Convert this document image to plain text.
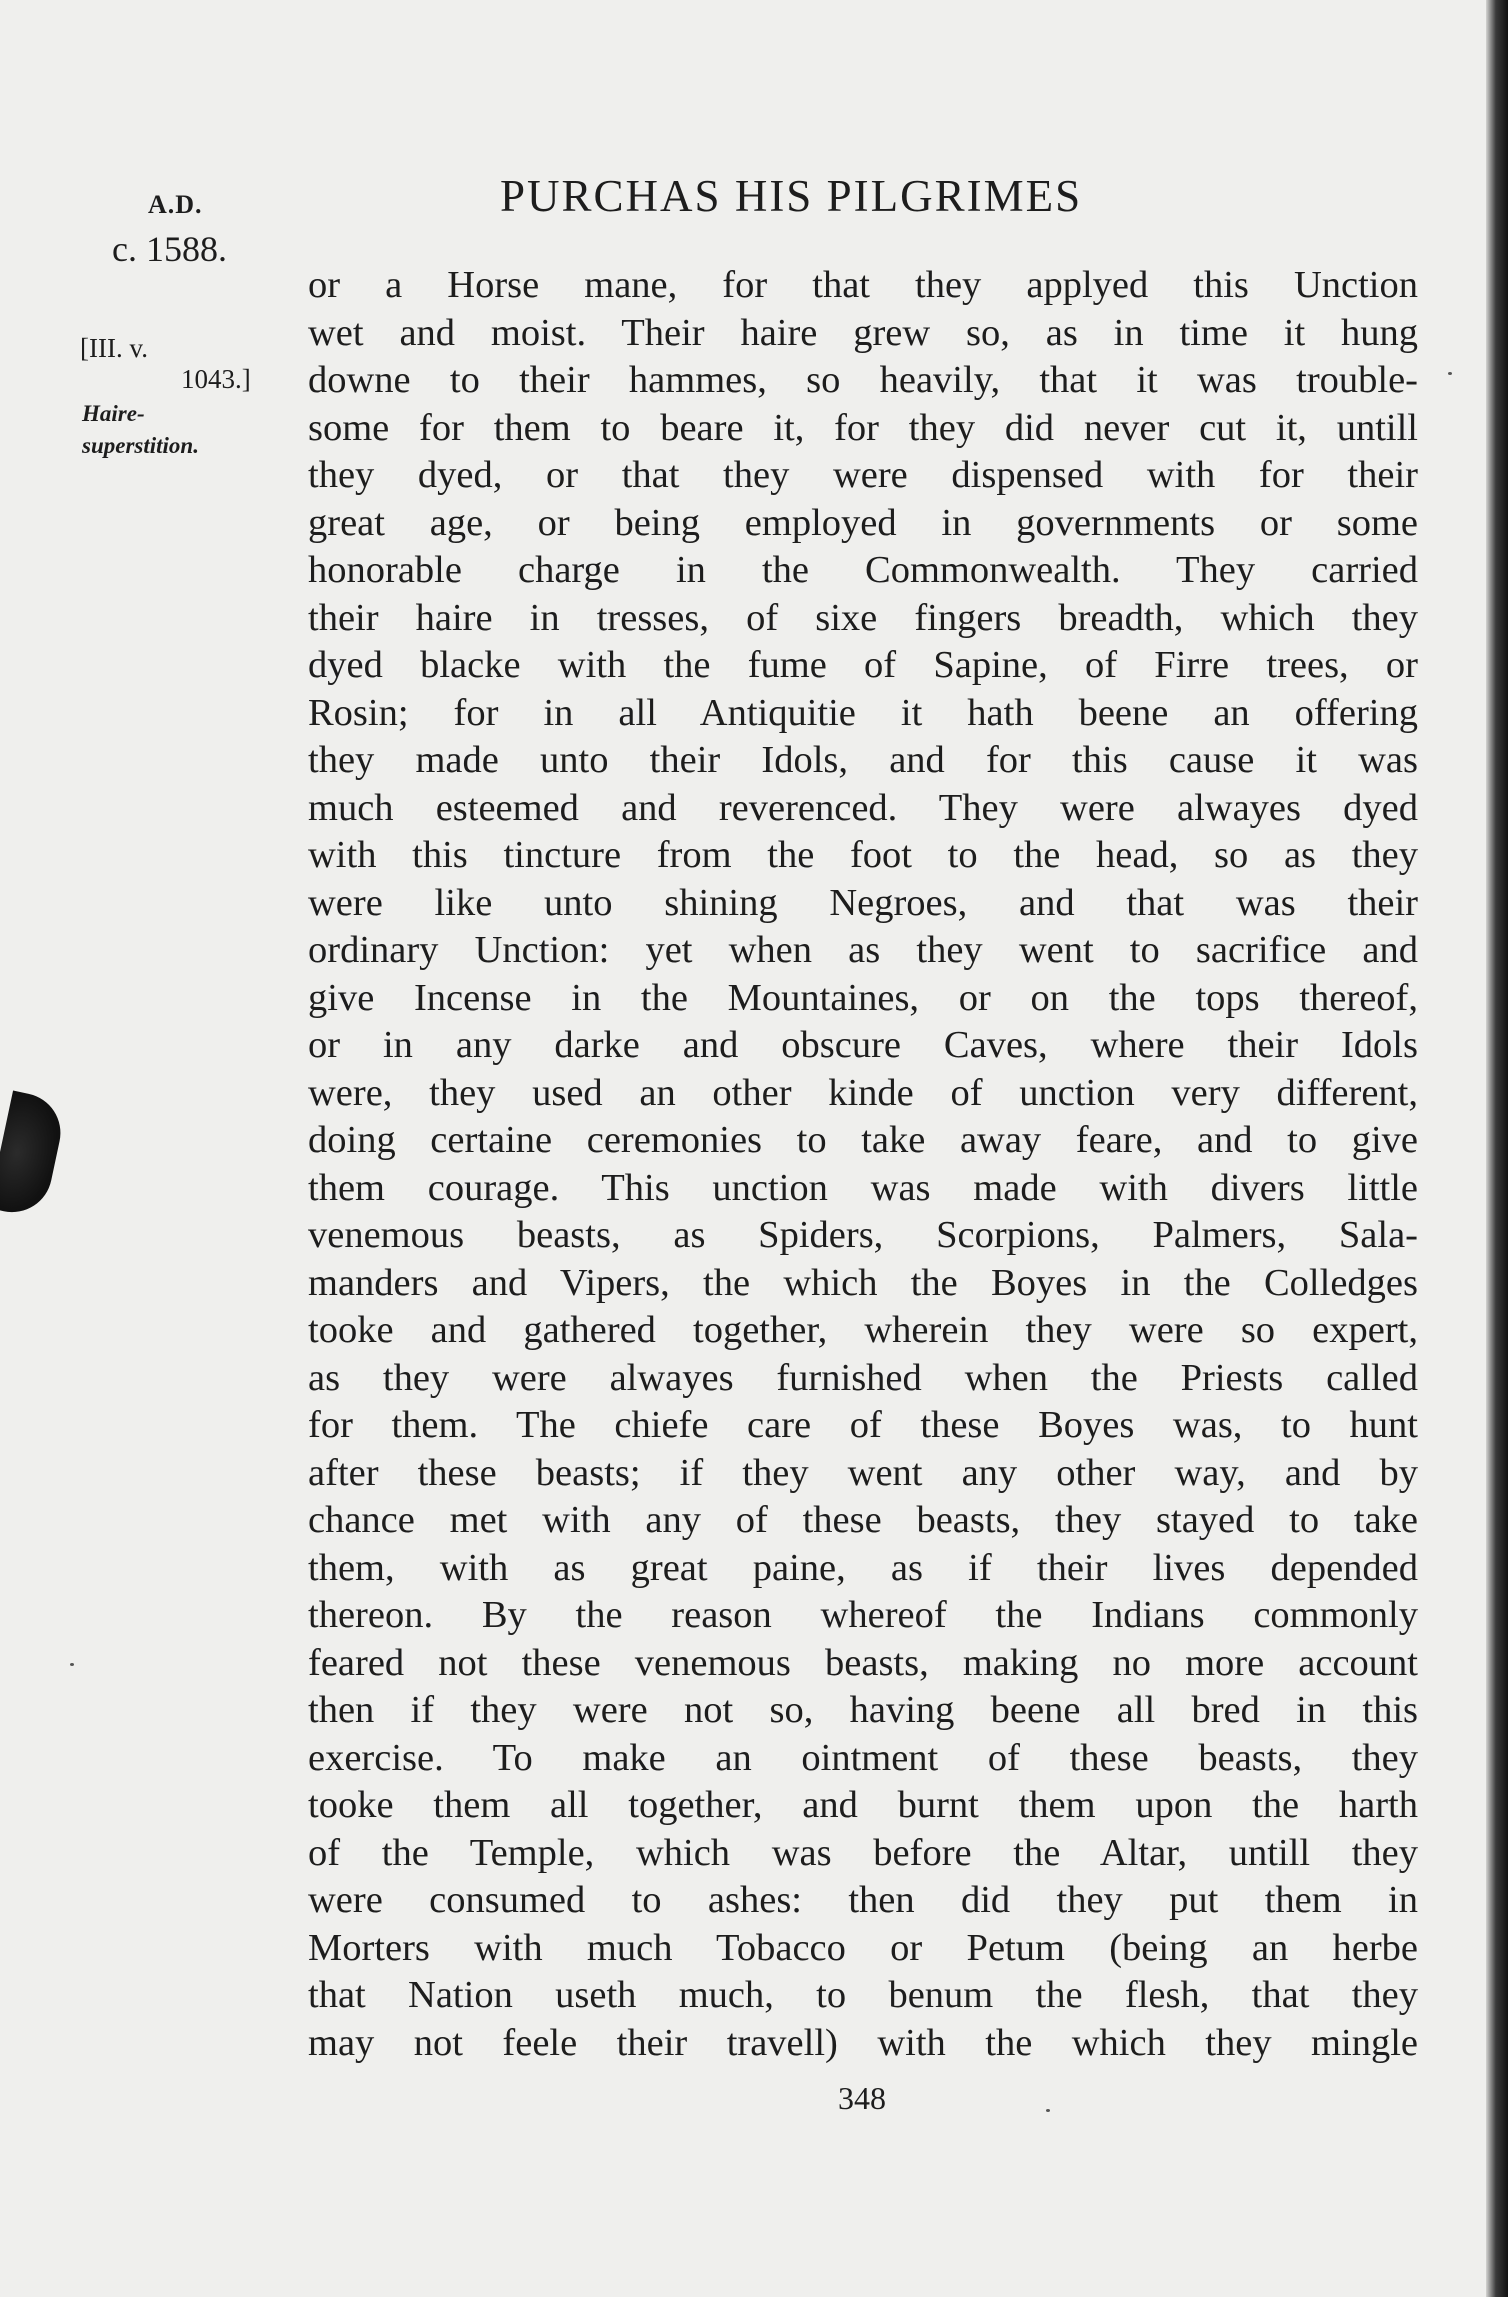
A.D.
c. 1588.
PURCHAS HIS PILGRIMES
[III. v.
1043.]
Haire-
superstition.
or a Horse mane, for that they applyed this Unction
wet and moist. Their haire grew so, as in time it hung
downe to their hammes, so heavily, that it was trouble-
some for them to beare it, for they did never cut it, untill
they dyed, or that they were dispensed with for their
great age, or being employed in governments or some
honorable charge in the Commonwealth. They carried
their haire in tresses, of sixe fingers breadth, which they
dyed blacke with the fume of Sapine, of Firre trees, or
Rosin; for in all Antiquitie it hath beene an offering
they made unto their Idols, and for this cause it was
much esteemed and reverenced. They were alwayes dyed
with this tincture from the foot to the head, so as they
were like unto shining Negroes, and that was their
ordinary Unction: yet when as they went to sacrifice and
give Incense in the Mountaines, or on the tops thereof,
or in any darke and obscure Caves, where their Idols
were, they used an other kinde of unction very different,
doing certaine ceremonies to take away feare, and to give
them courage. This unction was made with divers little
venemous beasts, as Spiders, Scorpions, Palmers, Sala-
manders and Vipers, the which the Boyes in the Colledges
tooke and gathered together, wherein they were so expert,
as they were alwayes furnished when the Priests called
for them. The chiefe care of these Boyes was, to hunt
after these beasts; if they went any other way, and by
chance met with any of these beasts, they stayed to take
them, with as great paine, as if their lives depended
thereon. By the reason whereof the Indians commonly
feared not these venemous beasts, making no more account
then if they were not so, having beene all bred in this
exercise. To make an ointment of these beasts, they
tooke them all together, and burnt them upon the harth
of the Temple, which was before the Altar, untill they
were consumed to ashes: then did they put them in
Morters with much Tobacco or Petum (being an herbe
that Nation useth much, to benum the flesh, that they
may not feele their travell) with the which they mingle
348
